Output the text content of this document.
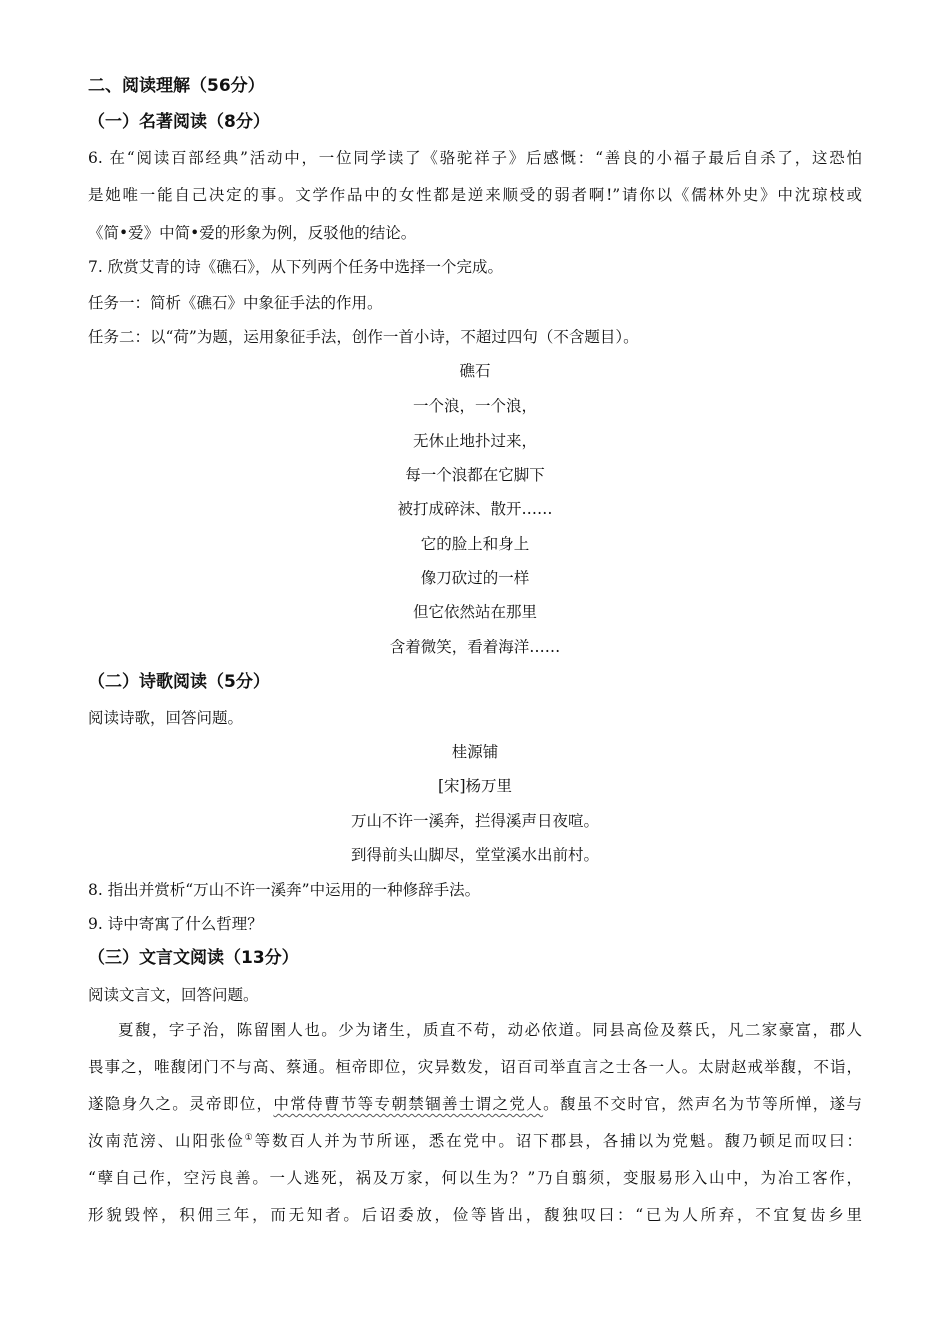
二、阅读理解（56分）
（一）名著阅读（8分）
6. 在“阅读百部经典”活动中，一位同学读了《骆驼祥子》后感慨：“善良的小福子最后自杀了，这恐怕
是她唯一能自己决定的事。文学作品中的女性都是逆来顺受的弱者啊!”请你以《儒林外史》中沈琼枝或
《简•爱》中简•爱的形象为例，反驳他的结论。
7. 欣赏艾青的诗《礁石》，从下列两个任务中选择一个完成。
任务一：简析《礁石》中象征手法的作用。
任务二：以“荷”为题，运用象征手法，创作一首小诗，不超过四句（不含题目）。
礁石
一个浪，一个浪，
无休止地扑过来，
每一个浪都在它脚下
被打成碎沫、散开……
它的脸上和身上
像刀砍过的一样
但它依然站在那里
含着微笑，看着海洋……
（二）诗歌阅读（5分）
阅读诗歌，回答问题。
桂源铺
[宋]杨万里
万山不许一溪奔，拦得溪声日夜喧。
到得前头山脚尽，堂堂溪水出前村。
8. 指出并赏析“万山不许一溪奔”中运用的一种修辞手法。
9. 诗中寄寓了什么哲理？
（三）文言文阅读（13分）
阅读文言文，回答问题。
夏馥，字子治，陈留圉人也。少为诸生，质直不苟，动必依道。同县高俭及蔡氏，凡二家豪富，郡人
畏事之，唯馥闭门不与高、蔡通。桓帝即位，灾异数发，诏百司举直言之士各一人。太尉赵戒举馥，不诣，
遂隐身久之。灵帝即位，中常侍曹节等专朝禁锢善士谓之党人。馥虽不交时官，然声名为节等所惮，遂与
汝南范滂、山阳张俭①等数百人并为节所诬，悉在党中。诏下郡县，各捕以为党魁。馥乃顿足而叹曰：
“孽自己作，空污良善。一人逃死，祸及万家，何以生为？”乃自翦须，变服易形入山中，为冶工客作，
形貌毁悴，积佣三年，而无知者。后诏委放，俭等皆出，馥独叹曰：“已为人所弃，不宜复齿乡里
